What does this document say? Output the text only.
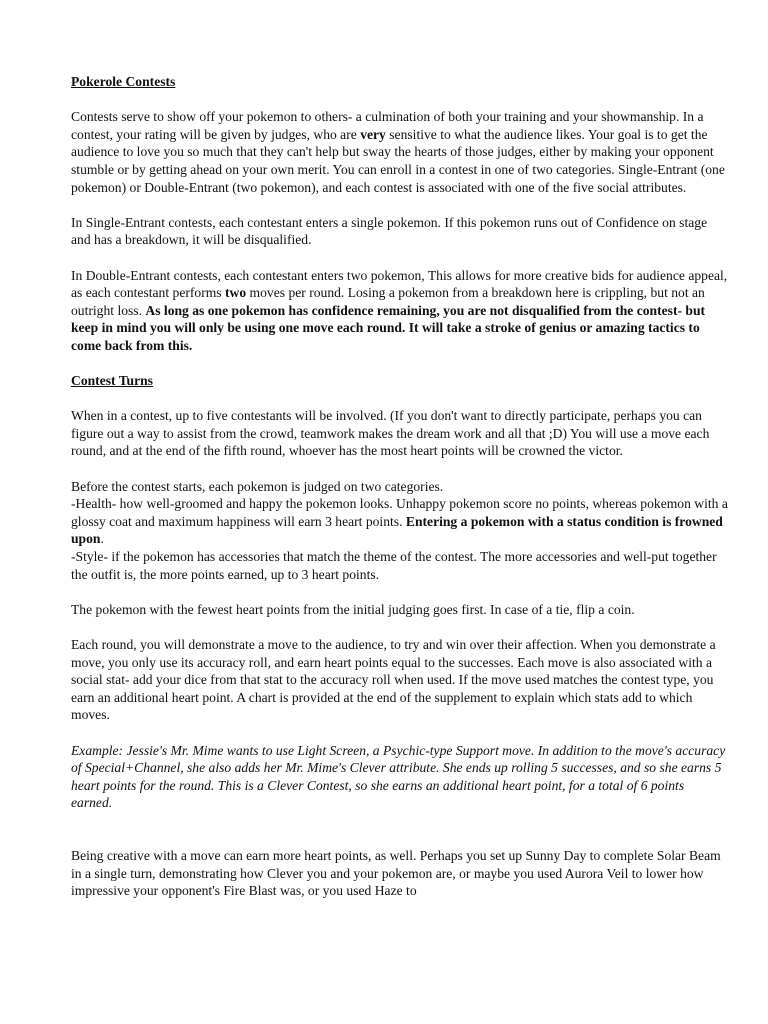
Pokerole Contests

Contests serve to show off your pokemon to others- a culmination of both your training and your showmanship. In a contest, your rating will be given by judges, who are very sensitive to what the audience likes. Your goal is to get the audience to love you so much that they can't help but sway the hearts of those judges, either by making your opponent stumble or by getting ahead on your own merit. You can enroll in a contest in one of two categories. Single-Entrant (one pokemon) or Double-Entrant (two pokemon), and each contest is associated with one of the five social attributes.

In Single-Entrant contests, each contestant enters a single pokemon. If this pokemon runs out of Confidence on stage and has a breakdown, it will be disqualified.

In Double-Entrant contests, each contestant enters two pokemon, This allows for more creative bids for audience appeal, as each contestant performs two moves per round. Losing a pokemon from a breakdown here is crippling, but not an outright loss. As long as one pokemon has confidence remaining, you are not disqualified from the contest- but keep in mind you will only be using one move each round. It will take a stroke of genius or amazing tactics to come back from this.

Contest Turns

When in a contest, up to five contestants will be involved. (If you don't want to directly participate, perhaps you can figure out a way to assist from the crowd, teamwork makes the dream work and all that ;D) You will use a move each round, and at the end of the fifth round, whoever has the most heart points will be crowned the victor.

Before the contest starts, each pokemon is judged on two categories.

-Health- how well-groomed and happy the pokemon looks. Unhappy pokemon score no points, whereas pokemon with a glossy coat and maximum happiness will earn 3 heart points. Entering a pokemon with a status condition is frowned upon.

-Style- if the pokemon has accessories that match the theme of the contest. The more accessories and well-put together the outfit is, the more points earned, up to 3 heart points.

The pokemon with the fewest heart points from the initial judging goes first. In case of a tie, flip a coin.

Each round, you will demonstrate a move to the audience, to try and win over their affection. When you demonstrate a move, you only use its accuracy roll, and earn heart points equal to the successes. Each move is also associated with a social stat- add your dice from that stat to the accuracy roll when used. If the move used matches the contest type, you earn an additional heart point. A chart is provided at the end of the supplement to explain which stats add to which moves.

Example: Jessie's Mr. Mime wants to use Light Screen, a Psychic-type Support move. In addition to the move's accuracy of Special+Channel, she also adds her Mr. Mime's Clever attribute. She ends up rolling 5 successes, and so she earns 5 heart points for the round. This is a Clever Contest, so she earns an additional heart point, for a total of 6 points earned.

Being creative with a move can earn more heart points, as well. Perhaps you set up Sunny Day to complete Solar Beam in a single turn, demonstrating how Clever you and your pokemon are, or maybe you used Aurora Veil to lower how impressive your opponent's Fire Blast was, or you used Haze to
